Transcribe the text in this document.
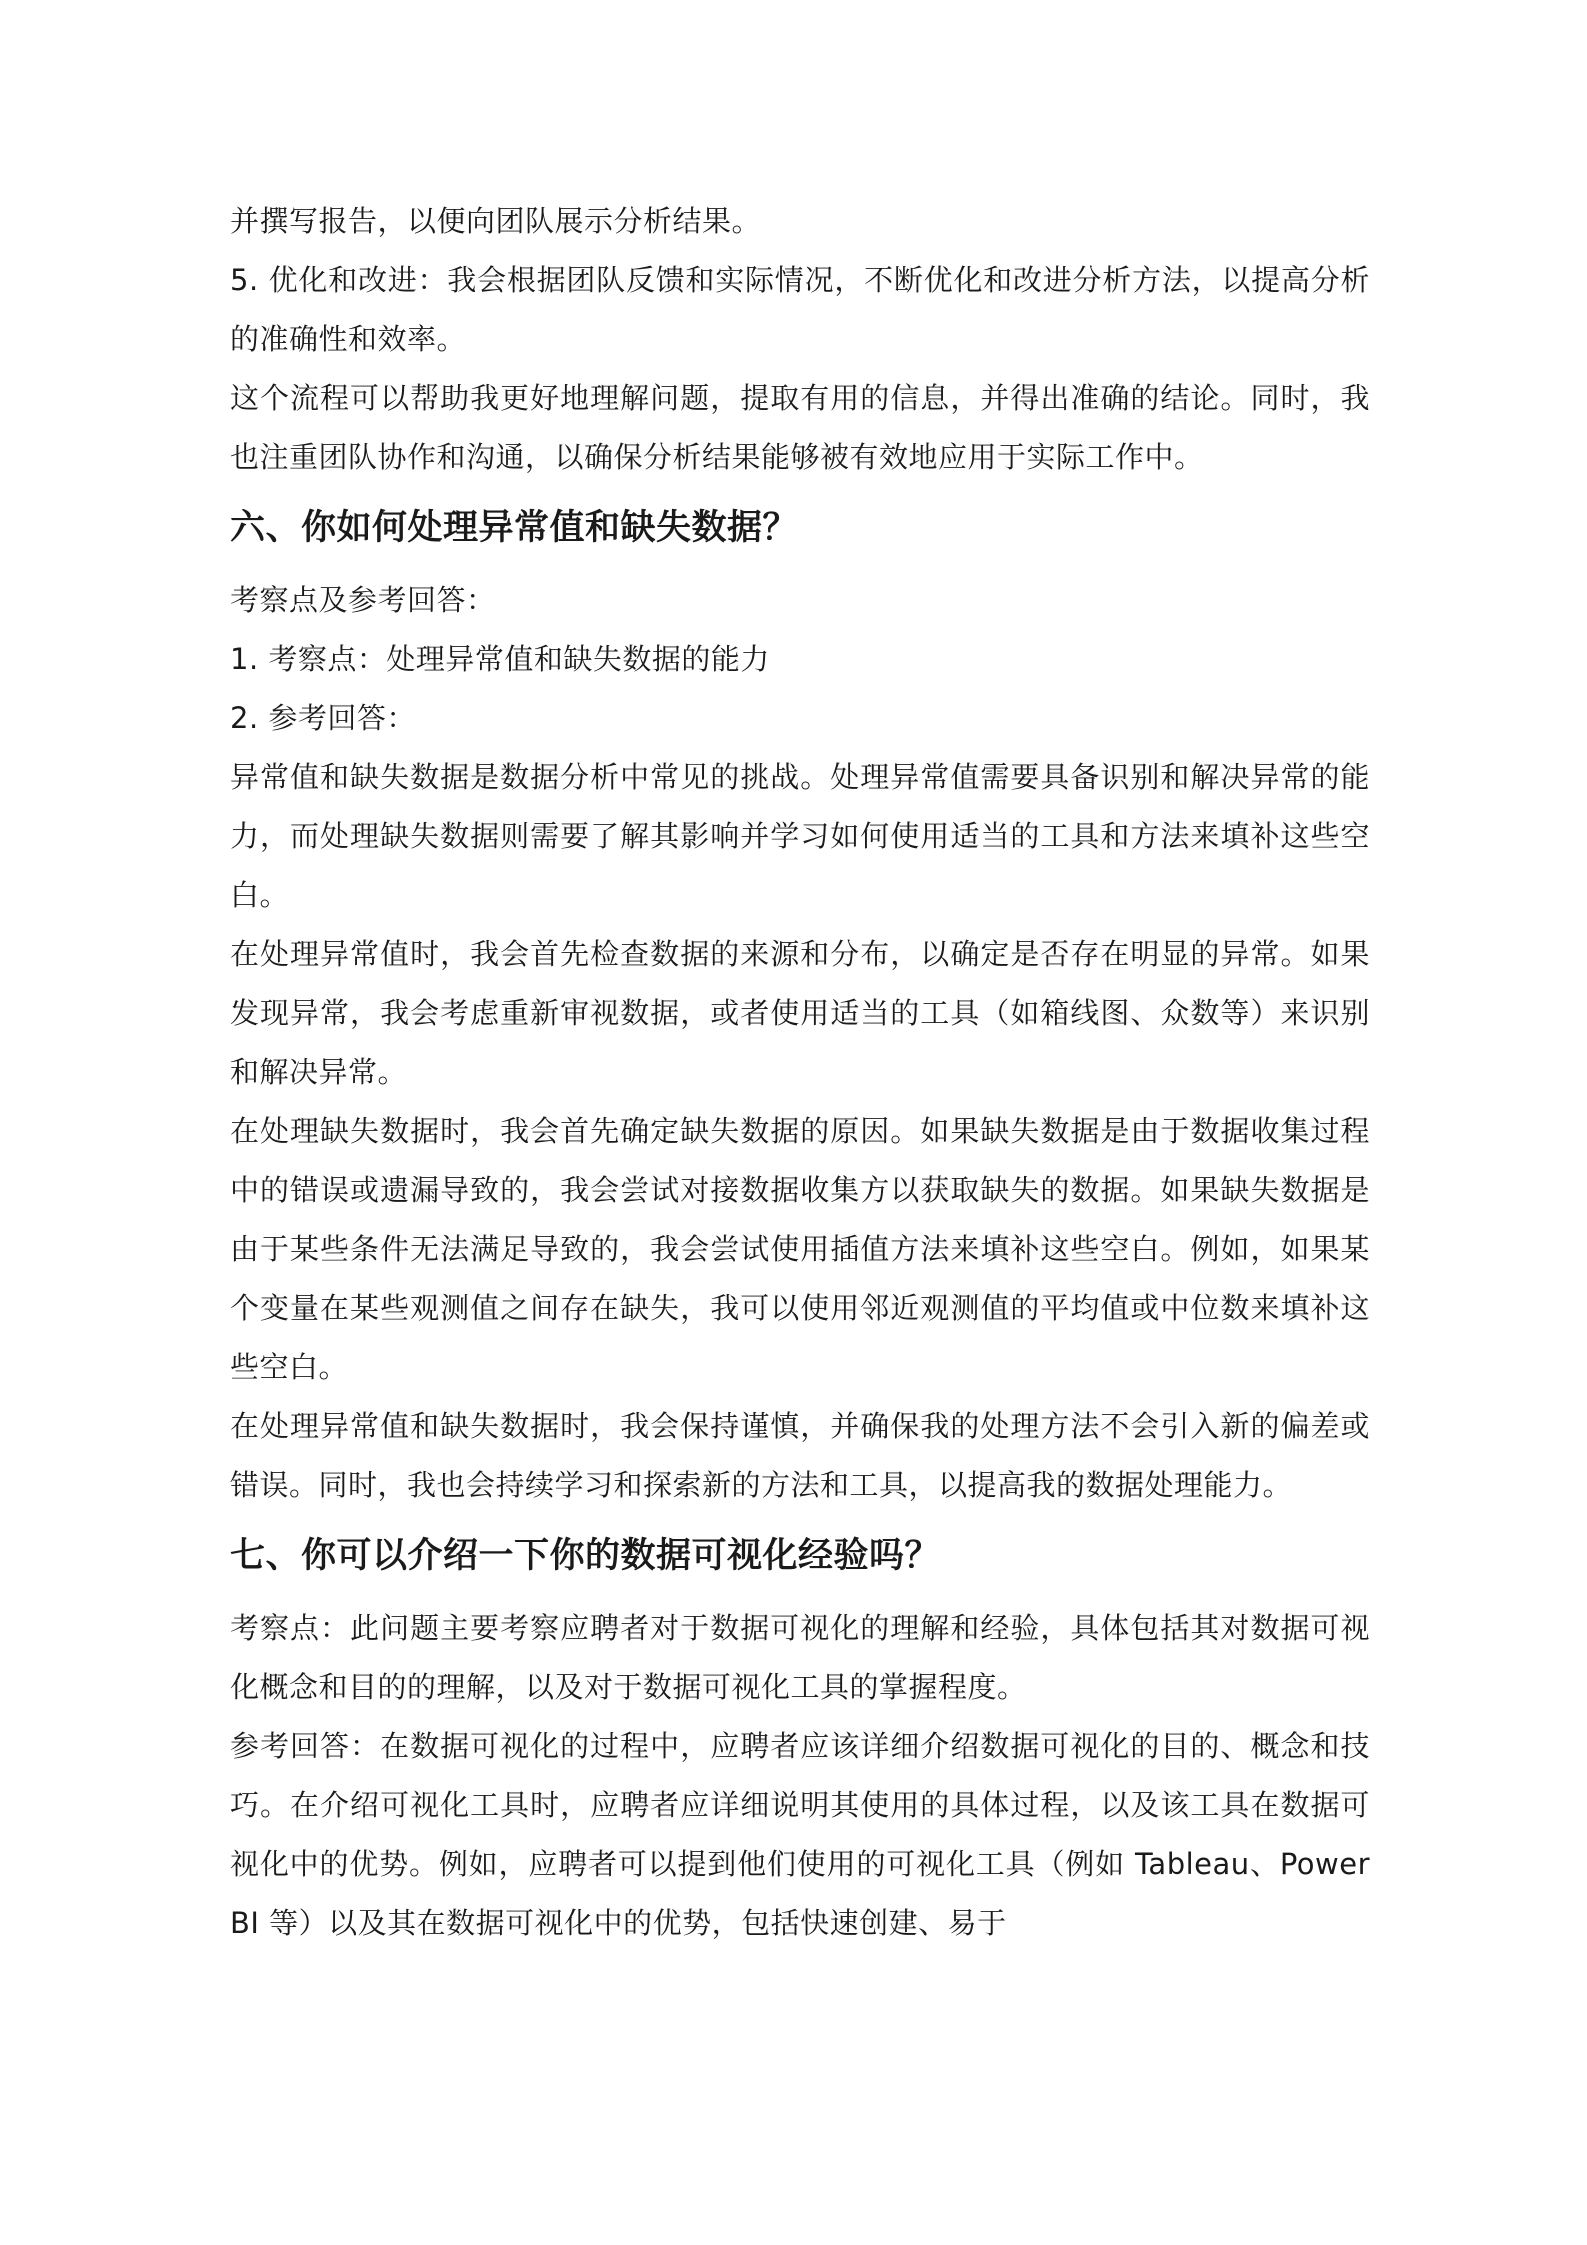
并撰写报告，以便向团队展示分析结果。

5. 优化和改进：我会根据团队反馈和实际情况，不断优化和改进分析方法，以提高分析的准确性和效率。

这个流程可以帮助我更好地理解问题，提取有用的信息，并得出准确的结论。同时，我也注重团队协作和沟通，以确保分析结果能够被有效地应用于实际工作中。

六、你如何处理异常值和缺失数据？

考察点及参考回答：

1. 考察点：处理异常值和缺失数据的能力

2. 参考回答：

异常值和缺失数据是数据分析中常见的挑战。处理异常值需要具备识别和解决异常的能力，而处理缺失数据则需要了解其影响并学习如何使用适当的工具和方法来填补这些空白。

在处理异常值时，我会首先检查数据的来源和分布，以确定是否存在明显的异常。如果发现异常，我会考虑重新审视数据，或者使用适当的工具（如箱线图、众数等）来识别和解决异常。

在处理缺失数据时，我会首先确定缺失数据的原因。如果缺失数据是由于数据收集过程中的错误或遗漏导致的，我会尝试对接数据收集方以获取缺失的数据。如果缺失数据是由于某些条件无法满足导致的，我会尝试使用插值方法来填补这些空白。例如，如果某个变量在某些观测值之间存在缺失，我可以使用邻近观测值的平均值或中位数来填补这些空白。

在处理异常值和缺失数据时，我会保持谨慎，并确保我的处理方法不会引入新的偏差或错误。同时，我也会持续学习和探索新的方法和工具，以提高我的数据处理能力。

七、你可以介绍一下你的数据可视化经验吗？

考察点：此问题主要考察应聘者对于数据可视化的理解和经验，具体包括其对数据可视化概念和目的的理解，以及对于数据可视化工具的掌握程度。

参考回答：在数据可视化的过程中，应聘者应该详细介绍数据可视化的目的、概念和技巧。在介绍可视化工具时，应聘者应详细说明其使用的具体过程，以及该工具在数据可视化中的优势。例如，应聘者可以提到他们使用的可视化工具（例如 Tableau、PowerBI 等）以及其在数据可视化中的优势，包括快速创建、易于
